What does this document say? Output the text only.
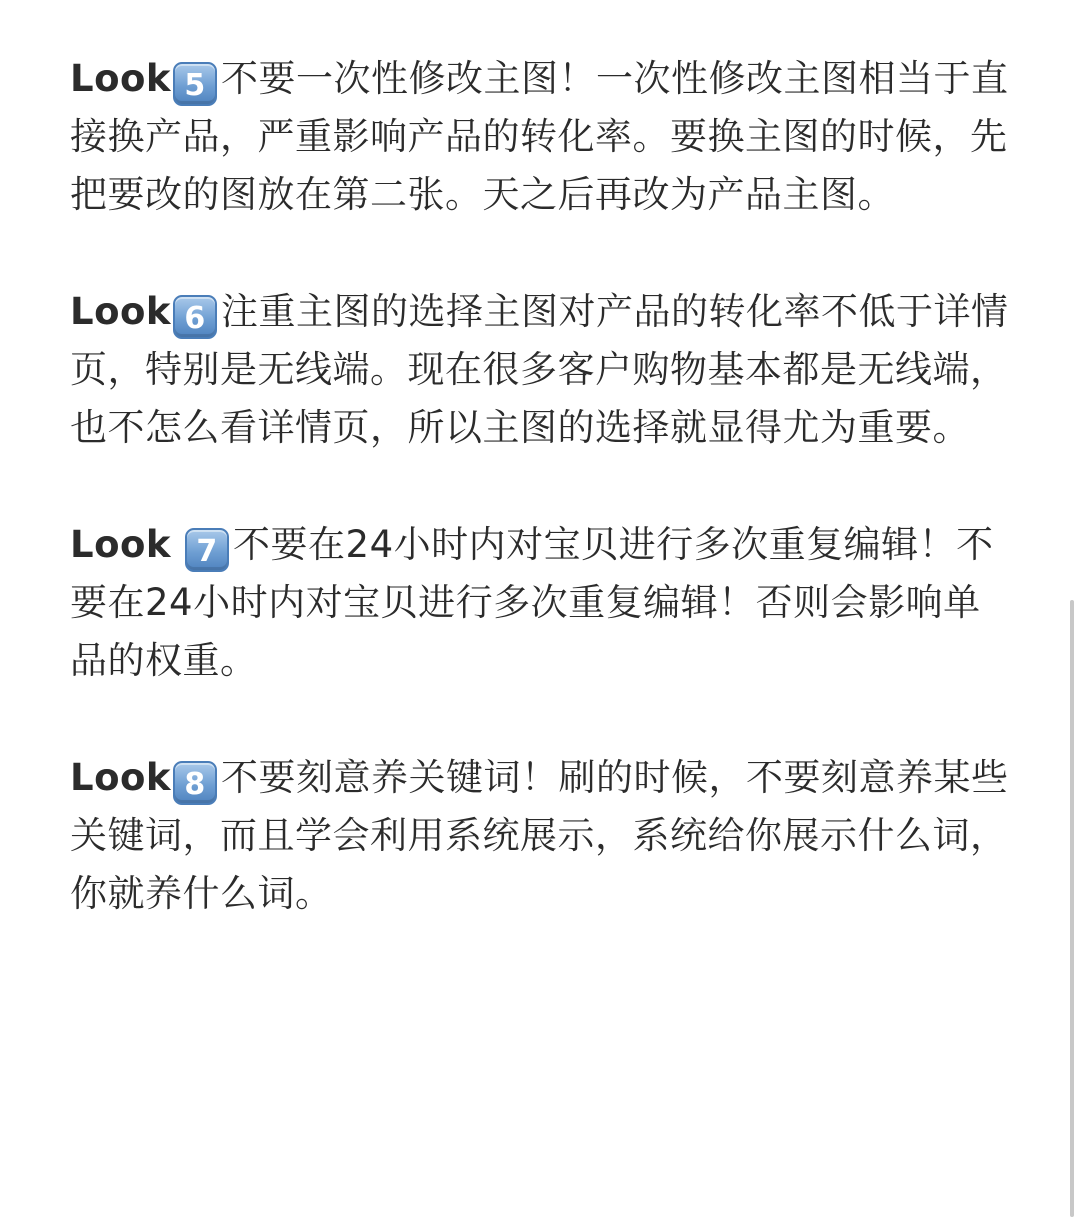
Look 5 不要一次性修改主图！一次性修改主图相当于直接换产品，严重影响产品的转化率。要换主图的时候，先把要改的图放在第二张。天之后再改为产品主图。

Look 6 注重主图的选择主图对产品的转化率不低于详情页，特别是无线端。现在很多客户购物基本都是无线端，也不怎么看详情页，所以主图的选择就显得尤为重要。

Look 7 不要在24小时内对宝贝进行多次重复编辑！不要在24小时内对宝贝进行多次重复编辑！否则会影响单品的权重。

Look 8 不要刻意养关键词！刷的时候，不要刻意养某些关键词，而且学会利用系统展示，系统给你展示什么词，你就养什么词。
